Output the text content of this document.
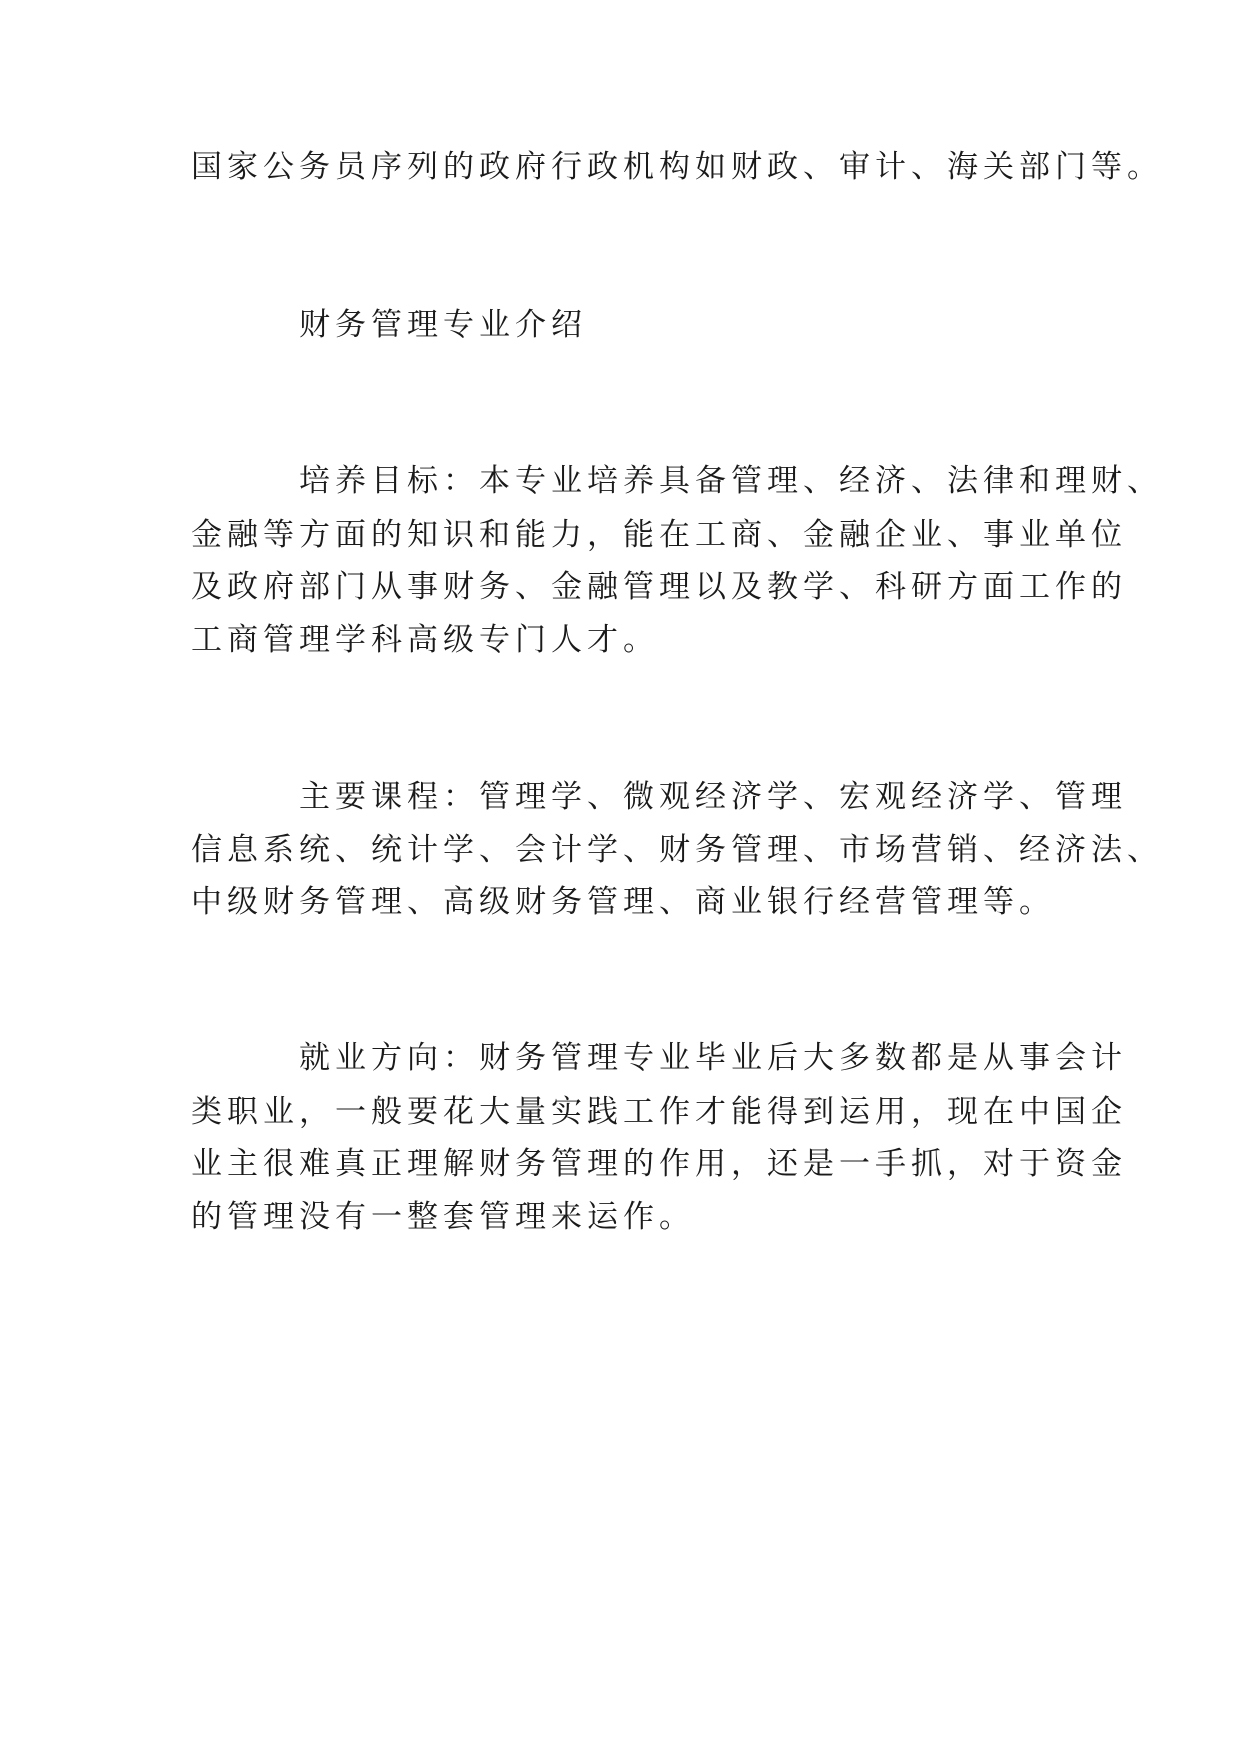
国家公务员序列的政府行政机构如财政、审计、海关部门等。
财务管理专业介绍
培养目标：本专业培养具备管理、经济、法律和理财、
金融等方面的知识和能力，能在工商、金融企业、事业单位
及政府部门从事财务、金融管理以及教学、科研方面工作的
工商管理学科高级专门人才。
主要课程：管理学、微观经济学、宏观经济学、管理
信息系统、统计学、会计学、财务管理、市场营销、经济法、
中级财务管理、高级财务管理、商业银行经营管理等。
就业方向：财务管理专业毕业后大多数都是从事会计
类职业，一般要花大量实践工作才能得到运用，现在中国企
业主很难真正理解财务管理的作用，还是一手抓，对于资金
的管理没有一整套管理来运作。
